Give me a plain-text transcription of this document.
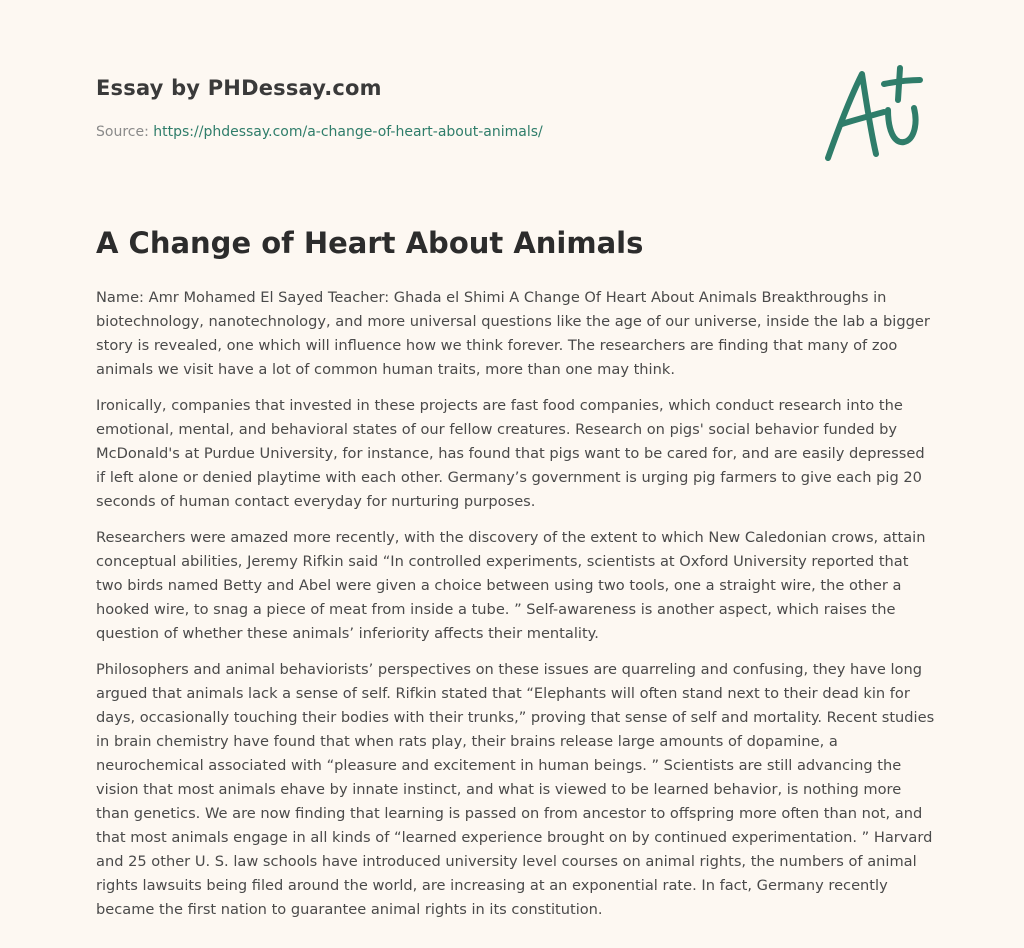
Essay by PHDessay.com
Source: https://phdessay.com/a-change-of-heart-about-animals/
A Change of Heart About Animals

Name: Amr Mohamed El Sayed Teacher: Ghada el Shimi A Change Of Heart About Animals Breakthroughs in biotechnology, nanotechnology, and more universal questions like the age of our universe, inside the lab a bigger story is revealed, one which will influence how we think forever. The researchers are finding that many of zoo animals we visit have a lot of common human traits, more than one may think.

Ironically, companies that invested in these projects are fast food companies, which conduct research into the emotional, mental, and behavioral states of our fellow creatures. Research on pigs' social behavior funded by McDonald's at Purdue University, for instance, has found that pigs want to be cared for, and are easily depressed if left alone or denied playtime with each other. Germany’s government is urging pig farmers to give each pig 20 seconds of human contact everyday for nurturing purposes.

Researchers were amazed more recently, with the discovery of the extent to which New Caledonian crows, attain conceptual abilities, Jeremy Rifkin said “In controlled experiments, scientists at Oxford University reported that two birds named Betty and Abel were given a choice between using two tools, one a straight wire, the other a hooked wire, to snag a piece of meat from inside a tube. ” Self-awareness is another aspect, which raises the question of whether these animals’ inferiority affects their mentality.

Philosophers and animal behaviorists’ perspectives on these issues are quarreling and confusing, they have long argued that animals lack a sense of self. Rifkin stated that “Elephants will often stand next to their dead kin for days, occasionally touching their bodies with their trunks,” proving that sense of self and mortality. Recent studies in brain chemistry have found that when rats play, their brains release large amounts of dopamine, a neurochemical associated with “pleasure and excitement in human beings. ” Scientists are still advancing the vision that most animals ehave by innate instinct, and what is viewed to be learned behavior, is nothing more than genetics. We are now finding that learning is passed on from ancestor to offspring more often than not, and that most animals engage in all kinds of “learned experience brought on by continued experimentation. ” Harvard and 25 other U. S. law schools have introduced university level courses on animal rights, the numbers of animal rights lawsuits being filed around the world, are increasing at an exponential rate. In fact, Germany recently became the first nation to guarantee animal rights in its constitution.
